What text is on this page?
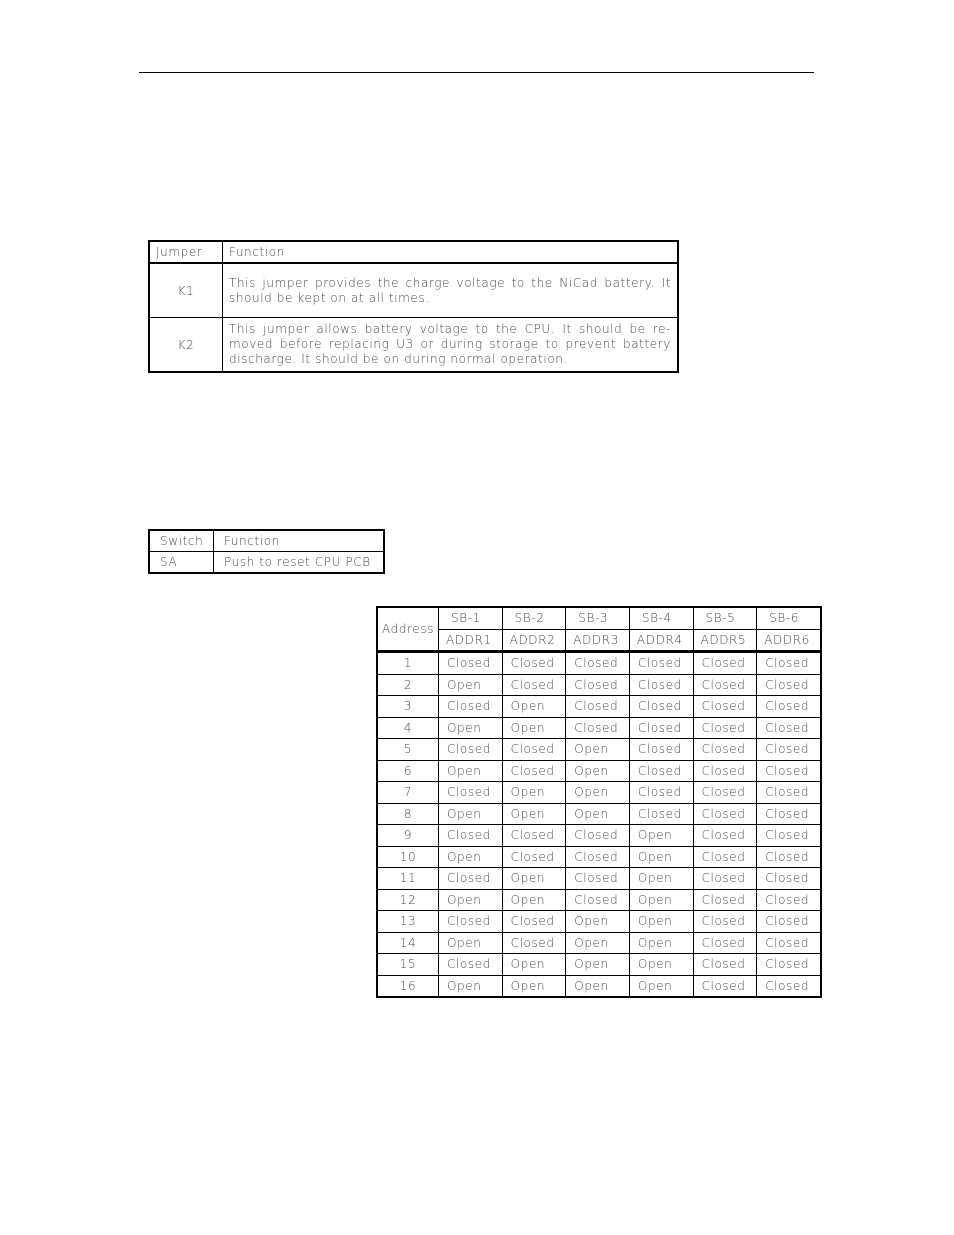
Jumper	Function
K1	This jumper provides the charge voltage to the NiCad battery. It should be kept on at all times.
K2	This jumper allows battery voltage to the CPU. It should be re-moved before replacing U3 or during storage to prevent battery discharge. It should be on during normal operation.
Switch	Function
SA	Push to reset CPU PCB
Address	SB-1	SB-2	SB-3	SB-4	SB-5	SB-6
	ADDR1	ADDR2	ADDR3	ADDR4	ADDR5	ADDR6
1	Closed	Closed	Closed	Closed	Closed	Closed
2	Open	Closed	Closed	Closed	Closed	Closed
3	Closed	Open	Closed	Closed	Closed	Closed
4	Open	Open	Closed	Closed	Closed	Closed
5	Closed	Closed	Open	Closed	Closed	Closed
6	Open	Closed	Open	Closed	Closed	Closed
7	Closed	Open	Open	Closed	Closed	Closed
8	Open	Open	Open	Closed	Closed	Closed
9	Closed	Closed	Closed	Open	Closed	Closed
10	Open	Closed	Closed	Open	Closed	Closed
11	Closed	Open	Closed	Open	Closed	Closed
12	Open	Open	Closed	Open	Closed	Closed
13	Closed	Closed	Open	Open	Closed	Closed
14	Open	Closed	Open	Open	Closed	Closed
15	Closed	Open	Open	Open	Closed	Closed
16	Open	Open	Open	Open	Closed	Closed
